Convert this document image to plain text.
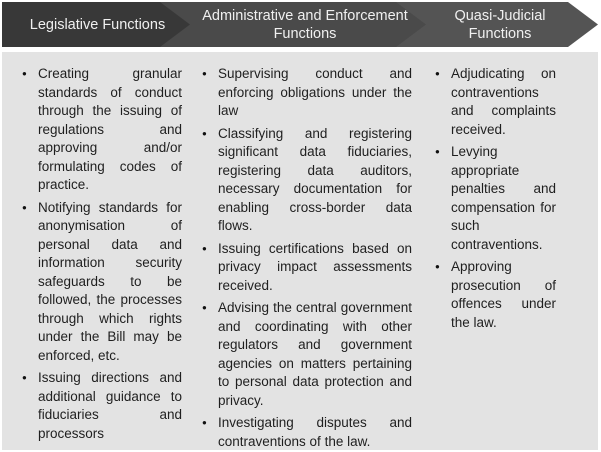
Legislative Functions
Administrative and Enforcement Functions
Quasi-Judicial Functions
● Creating granular standards of conduct through the issuing of regulations and approving and/or formulating codes of practice.
● Notifying standards for anonymisation of personal data and information security safeguards to be followed, the processes through which rights under the Bill may be enforced, etc.
● Issuing directions and additional guidance to fiduciaries and processors
● Supervising conduct and enforcing obligations under the law
● Classifying and registering significant data fiduciaries, registering data auditors, necessary documentation for enabling cross-border data flows.
● Issuing certifications based on privacy impact assessments received.
● Advising the central government and coordinating with other regulators and government agencies on matters pertaining to personal data protection and privacy.
● Investigating disputes and contraventions of the law.
● Adjudicating on contraventions and complaints received.
● Levying appropriate penalties and compensation for such contraventions.
● Approving prosecution of offences under the law.
